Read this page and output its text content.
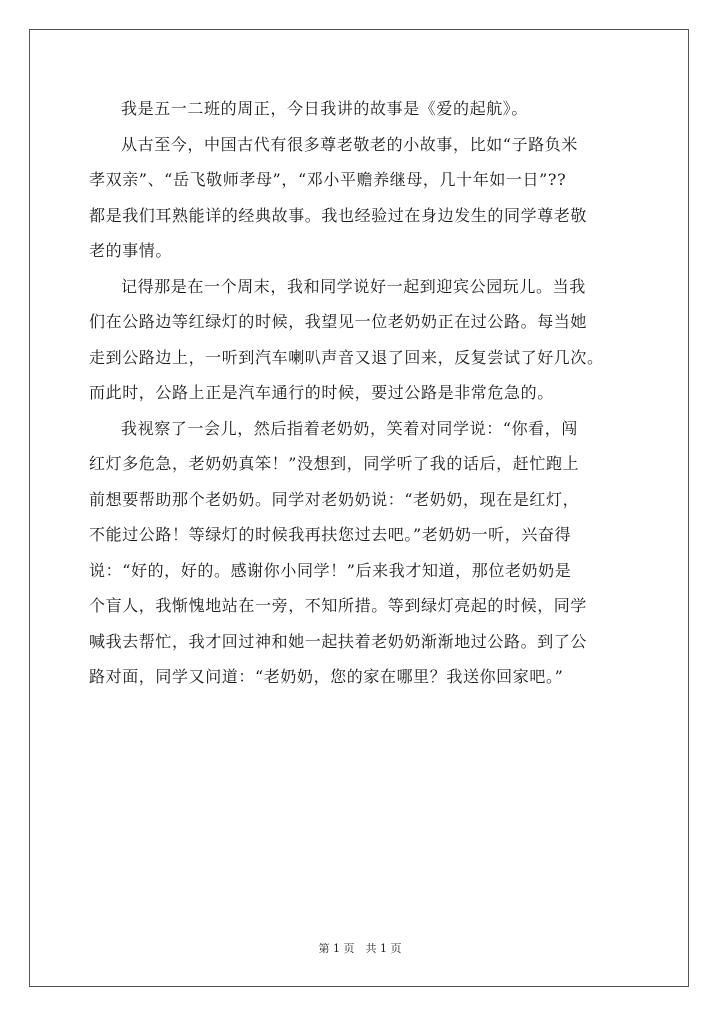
我是五一二班的周正，今日我讲的故事是《爱的起航》。
从古至今，中国古代有很多尊老敬老的小故事，比如“子路负米
孝双亲”、“岳飞敬师孝母”，“邓小平赡养继母，几十年如一日”??
都是我们耳熟能详的经典故事。我也经验过在身边发生的同学尊老敬
老的事情。
记得那是在一个周末，我和同学说好一起到迎宾公园玩儿。当我
们在公路边等红绿灯的时候，我望见一位老奶奶正在过公路。每当她
走到公路边上，一听到汽车喇叭声音又退了回来，反复尝试了好几次。
而此时，公路上正是汽车通行的时候，要过公路是非常危急的。
我视察了一会儿，然后指着老奶奶，笑着对同学说：“你看，闯
红灯多危急，老奶奶真笨！”没想到，同学听了我的话后，赶忙跑上
前想要帮助那个老奶奶。同学对老奶奶说：“老奶奶，现在是红灯，
不能过公路！等绿灯的时候我再扶您过去吧。”老奶奶一听，兴奋得
说：“好的，好的。感谢你小同学！”后来我才知道，那位老奶奶是
个盲人，我惭愧地站在一旁，不知所措。等到绿灯亮起的时候，同学
喊我去帮忙，我才回过神和她一起扶着老奶奶渐渐地过公路。到了公
路对面，同学又问道：“老奶奶，您的家在哪里？我送你回家吧。”
第 1 页　共 1 页
